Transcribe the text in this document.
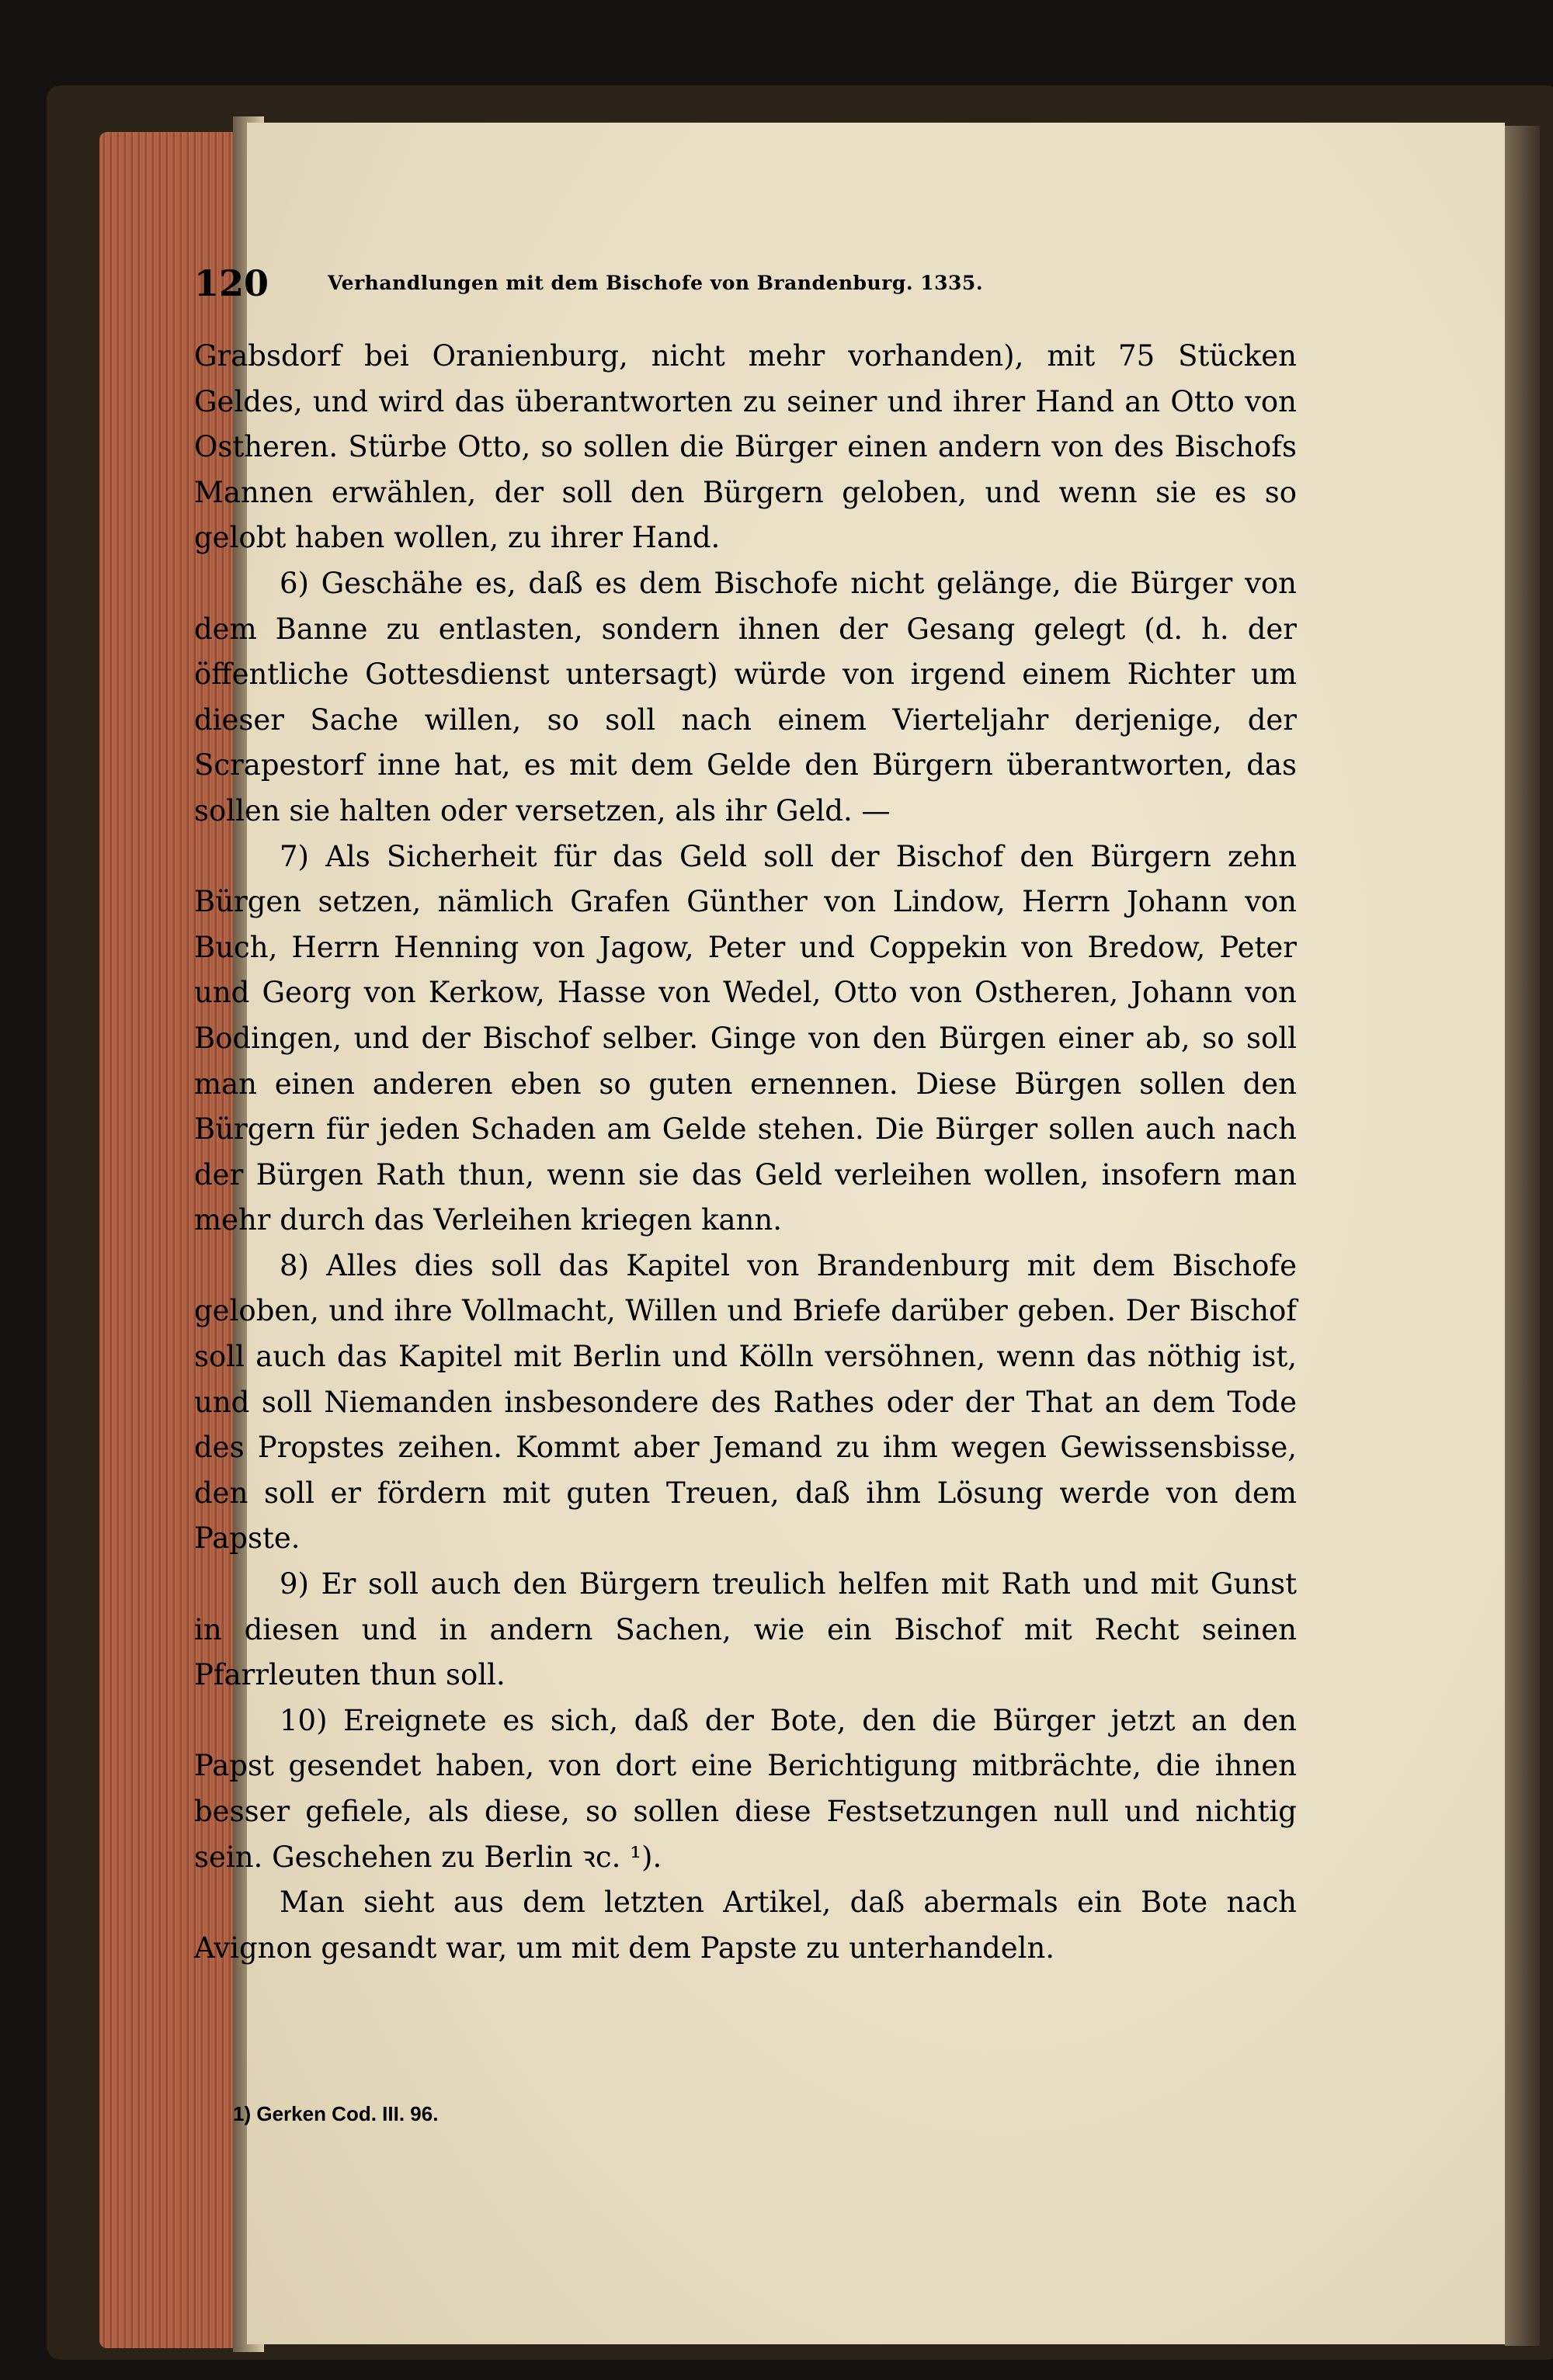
120	Verhandlungen mit dem Bischofe von Brandenburg. 1335.

Grabsdorf bei Oranienburg, nicht mehr vorhanden), mit 75 Stücken Geldes, und wird das überantworten zu seiner und ihrer Hand an Otto von Ostheren. Stürbe Otto, so sollen die Bürger einen andern von des Bischofs Mannen erwählen, der soll den Bürgern geloben, und wenn sie es so gelobt haben wollen, zu ihrer Hand.

6) Geschähe es, daß es dem Bischofe nicht gelänge, die Bürger von dem Banne zu entlasten, sondern ihnen der Gesang gelegt (d. h. der öffentliche Gottesdienst untersagt) würde von irgend einem Richter um dieser Sache willen, so soll nach einem Vierteljahr derjenige, der Scrapestorf inne hat, es mit dem Gelde den Bürgern überantworten, das sollen sie halten oder versetzen, als ihr Geld. —

7) Als Sicherheit für das Geld soll der Bischof den Bürgern zehn Bürgen setzen, nämlich Grafen Günther von Lindow, Herrn Johann von Buch, Herrn Henning von Jagow, Peter und Coppekin von Bredow, Peter und Georg von Kerkow, Hasse von Wedel, Otto von Ostheren, Johann von Bodingen, und der Bischof selber. Ginge von den Bürgen einer ab, so soll man einen anderen eben so guten ernennen. Diese Bürgen sollen den Bürgern für jeden Schaden am Gelde stehen. Die Bürger sollen auch nach der Bürgen Rath thun, wenn sie das Geld verleihen wollen, insofern man mehr durch das Verleihen kriegen kann.

8) Alles dies soll das Kapitel von Brandenburg mit dem Bischofe geloben, und ihre Vollmacht, Willen und Briefe darüber geben. Der Bischof soll auch das Kapitel mit Berlin und Kölln versöhnen, wenn das nöthig ist, und soll Niemanden insbesondere des Rathes oder der That an dem Tode des Propstes zeihen. Kommt aber Jemand zu ihm wegen Gewissensbisse, den soll er fördern mit guten Treuen, daß ihm Lösung werde von dem Papste.

9) Er soll auch den Bürgern treulich helfen mit Rath und mit Gunst in diesen und in andern Sachen, wie ein Bischof mit Recht seinen Pfarrleuten thun soll.

10) Ereignete es sich, daß der Bote, den die Bürger jetzt an den Papst gesendet haben, von dort eine Berichtigung mitbrächte, die ihnen besser gefiele, als diese, so sollen diese Festsetzungen null und nichtig sein. Geschehen zu Berlin ꝛc. ¹).

Man sieht aus dem letzten Artikel, daß abermals ein Bote nach Avignon gesandt war, um mit dem Papste zu unterhandeln.

1) Gerken Cod. III. 96.
